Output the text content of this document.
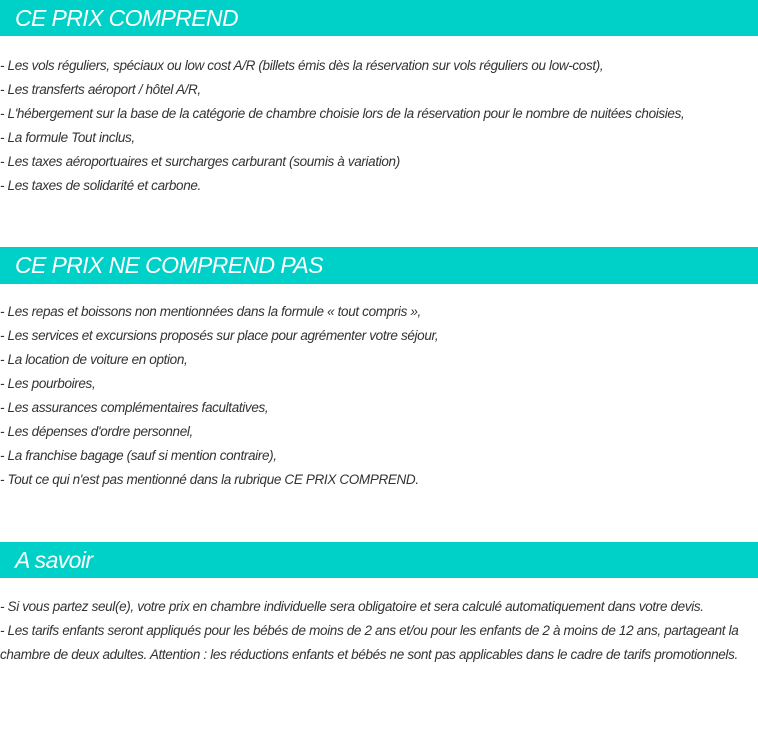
CE PRIX COMPREND
- Les vols réguliers, spéciaux ou low cost A/R (billets émis dès la réservation sur vols réguliers ou low-cost),
- Les transferts aéroport / hôtel A/R,
- L'hébergement sur la base de la catégorie de chambre choisie lors de la réservation pour le nombre de nuitées choisies,
- La formule Tout inclus,
- Les taxes aéroportuaires et surcharges carburant (soumis à variation)
- Les taxes de solidarité et carbone.
CE PRIX NE COMPREND PAS
- Les repas et boissons non mentionnées dans la formule « tout compris »,
- Les services et excursions proposés sur place pour agrémenter votre séjour,
- La location de voiture en option,
- Les pourboires,
- Les assurances complémentaires facultatives,
- Les dépenses d'ordre personnel,
- La franchise bagage (sauf si mention contraire),
- Tout ce qui n'est pas mentionné dans la rubrique CE PRIX COMPREND.
A savoir

- Si vous partez seul(e), votre prix en chambre individuelle sera obligatoire et sera calculé automatiquement dans votre devis.

- Les tarifs enfants seront appliqués pour les bébés de moins de 2 ans et/ou pour les enfants de 2 à moins de 12 ans, partageant la chambre de deux adultes. Attention : les réductions enfants et bébés ne sont pas applicables dans le cadre de tarifs promotionnels.
